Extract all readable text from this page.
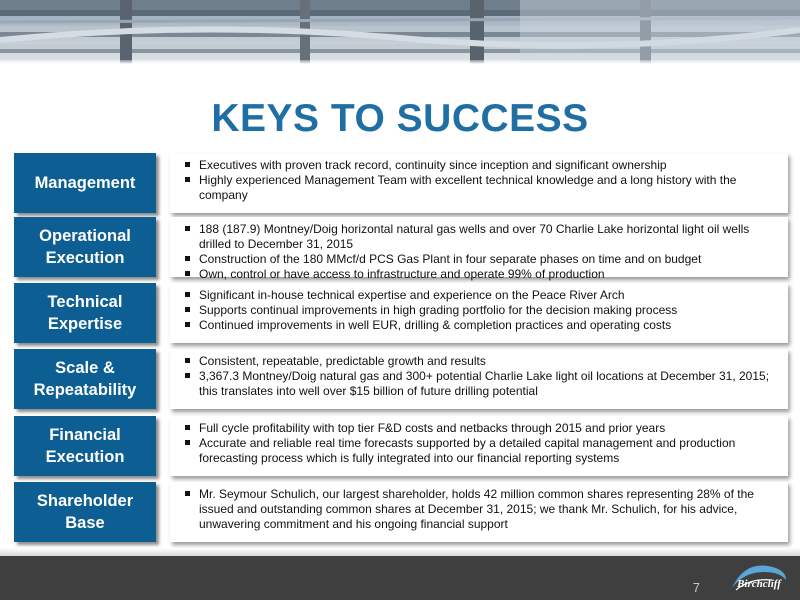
KEYS TO SUCCESS
Management
Executives with proven track record, continuity since inception and significant ownership
Highly experienced Management Team with excellent technical knowledge and a long history with the company
Operational
Execution
188 (187.9) Montney/Doig horizontal natural gas wells and over 70 Charlie Lake horizontal light oil wells drilled to December 31, 2015
Construction of the 180 MMcf/d PCS Gas Plant in four separate phases on time and on budget
Own, control or have access to infrastructure and operate 99% of production
Technical
Expertise
Significant in-house technical expertise and experience on the Peace River Arch
Supports continual improvements in high grading portfolio for the decision making process
Continued improvements in well EUR, drilling & completion practices and operating costs
Scale &
Repeatability
Consistent, repeatable, predictable growth and results
3,367.3 Montney/Doig natural gas and 300+ potential Charlie Lake light oil locations at December 31, 2015; this translates into well over $15 billion of future drilling potential
Financial
Execution
Full cycle profitability with top tier F&D costs and netbacks through 2015 and prior years
Accurate and reliable real time forecasts supported by a detailed capital management and production forecasting process which is fully integrated into our financial reporting systems
Shareholder
Base
Mr. Seymour Schulich, our largest shareholder, holds 42 million common shares representing 28% of the issued and outstanding common shares at December 31, 2015; we thank Mr. Schulich, for his advice, unwavering commitment and his ongoing financial support
7	Birchcliff
